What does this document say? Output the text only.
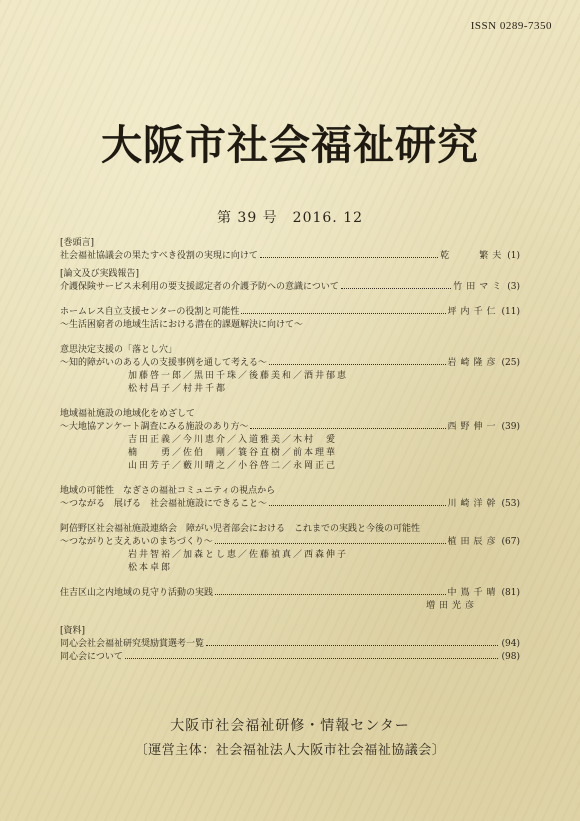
ISSN 0289-7350
大阪市社会福祉研究
第 39 号　2016. 12
[巻頭言]
社会福祉協議会の果たすべき役割の実現に向けて	乾　　繁夫 (1)
[論文及び実践報告]
介護保険サービス未利用の要支援認定者の介護予防への意識について	竹田マミ (3)
ホームレス自立支援センターの役割と可能性	坪内千仁 (11)
～生活困窮者の地域生活における潜在的課題解決に向けて～
意思決定支援の「落とし穴」
～知的障がいのある人の支援事例を通して考える～	岩崎隆彦 (25)
加藤啓一郎／黒田千珠／後藤美和／酒井郁恵
松村昌子／村井千都
地域福祉施設の地域化をめざして
～大地協アンケート調査にみる施設のあり方～	西野伸一 (39)
吉田正義／今川恵介／入道雅美／木村　愛
楠　　勇／佐伯　剛／簑谷直樹／前本理華
山田芳子／藪川晴之／小谷啓二／永岡正己
地域の可能性　なぎさの福祉コミュニティの視点から
～つながる　展げる　社会福祉施設にできること～	川崎洋幹 (53)
阿倍野区社会福祉施設連絡会　障がい児者部会における　これまでの実践と今後の可能性
～つながりと支えあいのまちづくり～	植田辰彦 (67)
岩井智裕／加森とし恵／佐藤禎真／西森伸子
松本卓郎
住吉区山之内地域の見守り活動の実践	中嶌千晴 (81)
増田光彦
[資料]
同心会社会福祉研究奨励賞選考一覧	(94)
同心会について	(98)
大阪市社会福祉研修・情報センター
〔運営主体：社会福祉法人大阪市社会福祉協議会〕
